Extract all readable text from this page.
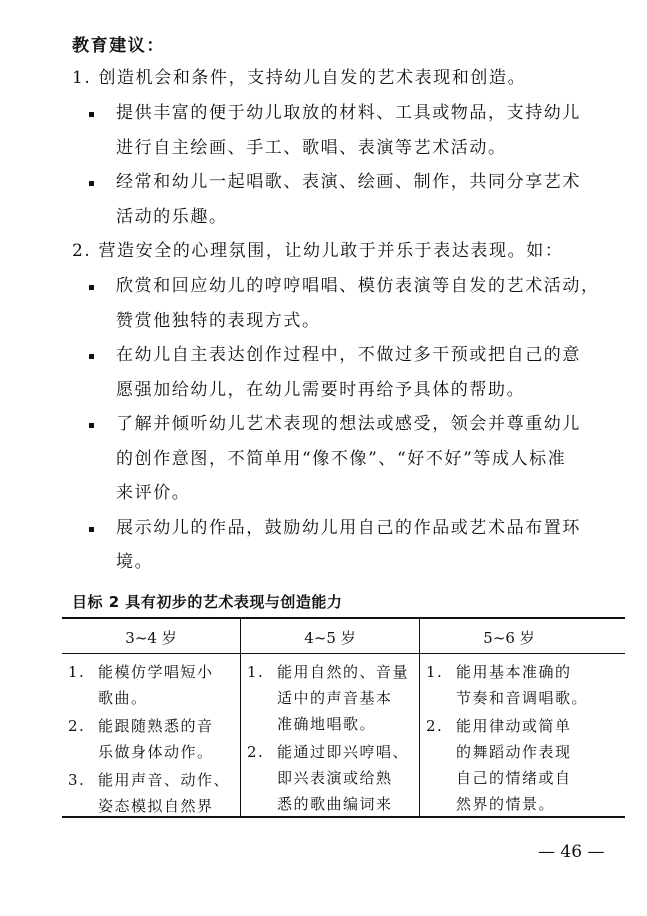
教育建议：
1. 创造机会和条件，支持幼儿自发的艺术表现和创造。
提供丰富的便于幼儿取放的材料、工具或物品，支持幼儿
进行自主绘画、手工、歌唱、表演等艺术活动。
经常和幼儿一起唱歌、表演、绘画、制作，共同分享艺术
活动的乐趣。
2. 营造安全的心理氛围，让幼儿敢于并乐于表达表现。如：
欣赏和回应幼儿的哼哼唱唱、模仿表演等自发的艺术活动，
赞赏他独特的表现方式。
在幼儿自主表达创作过程中，不做过多干预或把自己的意
愿强加给幼儿，在幼儿需要时再给予具体的帮助。
了解并倾听幼儿艺术表现的想法或感受，领会并尊重幼儿
的创作意图，不简单用“像不像”、“好不好”等成人标准
来评价。
展示幼儿的作品，鼓励幼儿用自己的作品或艺术品布置环
境。
目标 2 具有初步的艺术表现与创造能力
3~4 岁	4~5 岁	5~6 岁
1. 能模仿学唱短小
歌曲。
2. 能跟随熟悉的音
乐做身体动作。
3. 能用声音、动作、
姿态模拟自然界
1. 能用自然的、音量
适中的声音基本
准确地唱歌。
2. 能通过即兴哼唱、
即兴表演或给熟
悉的歌曲编词来
1. 能用基本准确的
节奏和音调唱歌。
2. 能用律动或简单
的舞蹈动作表现
自己的情绪或自
然界的情景。
— 46 —
